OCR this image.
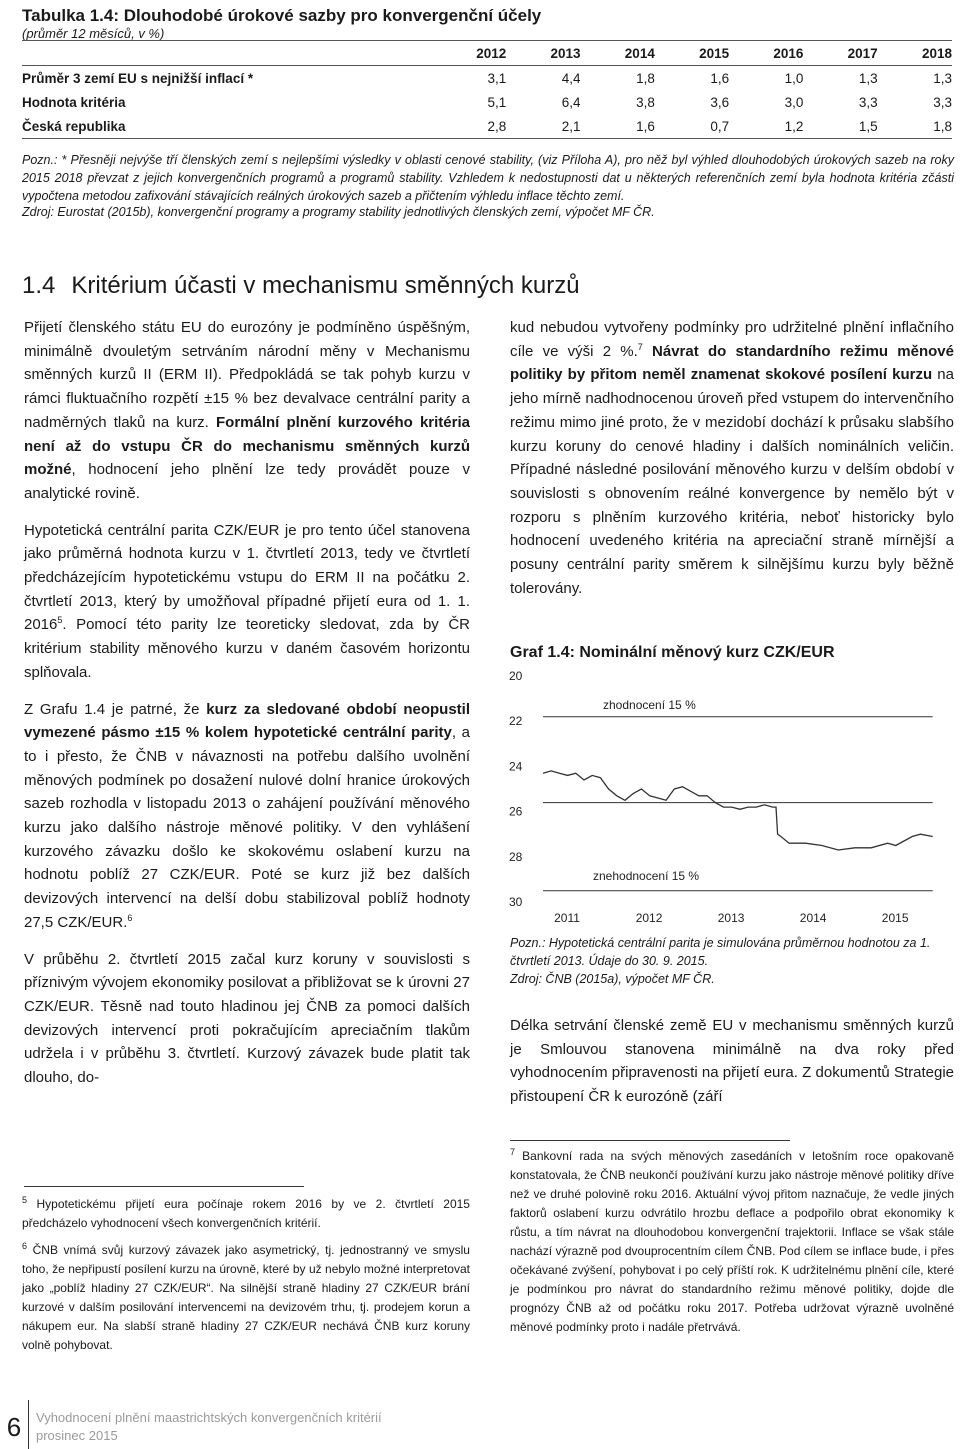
Tabulka 1.4: Dlouhodobé úrokové sazby pro konvergenční účely
(průměr 12 měsíců, v %)
	2012	2013	2014	2015	2016	2017	2018
Průměr 3 zemí EU s nejnižší inflací *	3,1	4,4	1,8	1,6	1,0	1,3	1,3
Hodnota kritéria	5,1	6,4	3,8	3,6	3,0	3,3	3,3
Česká republika	2,8	2,1	1,6	0,7	1,2	1,5	1,8
Pozn.: * Přesněji nejvýše tří členských zemí s nejlepšími výsledky v oblasti cenové stability, (viz Příloha A), pro něž byl výhled dlouhodobých úrokových sazeb na roky 2015 2018 převzat z jejich konvergenčních programů a programů stability. Vzhledem k nedostupnosti dat u některých referenčních zemí byla hodnota kritéria zčásti vypočtena metodou zafixování stávajících reálných úrokových sazeb a přičtením výhledu inflace těchto zemí.
Zdroj: Eurostat (2015b), konvergenční programy a programy stability jednotlivých členských zemí, výpočet MF ČR.
1.4 Kritérium účasti v mechanismu směnných kurzů

Přijetí členského státu EU do eurozóny je podmíněno úspěšným, minimálně dvouletým setrváním národní měny v Mechanismu směnných kurzů II (ERM II). Předpokládá se tak pohyb kurzu v rámci fluktuačního rozpětí ±15 % bez devalvace centrální parity a nadměrných tlaků na kurz. Formální plnění kurzového kritéria není až do vstupu ČR do mechanismu směnných kurzů možné, hodnocení jeho plnění lze tedy provádět pouze v analytické rovině.

Hypotetická centrální parita CZK/EUR je pro tento účel stanovena jako průměrná hodnota kurzu v 1. čtvrtletí 2013, tedy ve čtvrtletí předcházejícím hypotetickému vstupu do ERM II na počátku 2. čtvrtletí 2013, který by umožňoval případné přijetí eura od 1. 1. 2016$^5$. Pomocí této parity lze teoreticky sledovat, zda by ČR kritérium stability měnového kurzu v daném časovém horizontu splňovala.

Z Grafu 1.4 je patrné, že kurz za sledované období neopustil vymezené pásmo ±15 % kolem hypotetické centrální parity, a to i přesto, že ČNB v návaznosti na potřebu dalšího uvolnění měnových podmínek po dosažení nulové dolní hranice úrokových sazeb rozhodla v listopadu 2013 o zahájení používání měnového kurzu jako dalšího nástroje měnové politiky. V den vyhlášení kurzového závazku došlo ke skokovému oslabení kurzu na hodnotu poblíž 27 CZK/EUR. Poté se kurz již bez dalších devizových intervencí na delší dobu stabilizoval poblíž hodnoty 27,5 CZK/EUR.$^6$

V průběhu 2. čtvrtletí 2015 začal kurz koruny v souvislosti s příznivým vývojem ekonomiky posilovat a přibližovat se k úrovni 27 CZK/EUR. Těsně nad touto hladinou jej ČNB za pomoci dalších devizových intervencí proti pokračujícím apreciačním tlakům udržela i v průběhu 3. čtvrtletí. Kurzový závazek bude platit tak dlouho, do-

kud nebudou vytvořeny podmínky pro udržitelné plnění inflačního cíle ve výši 2 %.$^7$ Návrat do standardního režimu měnové politiky by přitom neměl znamenat skokové posílení kurzu na jeho mírně nadhodnocenou úroveň před vstupem do intervenčního režimu mimo jiné proto, že v mezidobí dochází k průsaku slabšího kurzu koruny do cenové hladiny i dalších nominálních veličin. Případné následné posilování měnového kurzu v delším období v souvislosti s obnovením reálné konvergence by nemělo být v rozporu s plněním kurzového kritéria, neboť historicky bylo hodnocení uvedeného kritéria na apreciační straně mírnější a posuny centrální parity směrem k silnějšímu kurzu byly běžně tolerovány.

Graf 1.4: Nominální měnový kurz CZK/EUR
20
22
24
26
28
30
2011	2012	2013	2014	2015
zhodnocení 15 %
znehodnocení 15 %
Pozn.: Hypotetická centrální parita je simulována průměrnou hodnotou za 1. čtvrtletí 2013. Údaje do 30. 9. 2015.
Zdroj: ČNB (2015a), výpočet MF ČR.

Délka setrvání členské země EU v mechanismu směnných kurzů je Smlouvou stanovena minimálně na dva roky před vyhodnocením připravenosti na přijetí eura. Z dokumentů Strategie přistoupení ČR k eurozóně (září

$^7$ Bankovní rada na svých měnových zasedáních v letošním roce opakovaně konstatovala, že ČNB neukončí používání kurzu jako nástroje měnové politiky dříve než ve druhé polovině roku 2016. Aktuální vývoj přitom naznačuje, že vedle jiných faktorů oslabení kurzu odvrátilo hrozbu deflace a podpořilo obrat ekonomiky k růstu, a tím návrat na dlouhodobou konvergenční trajektorii. Inflace se však stále nachází výrazně pod dvouprocentním cílem ČNB. Pod cílem se inflace bude, i přes očekávané zvýšení, pohybovat i po celý příští rok. K udržitelnému plnění cíle, které je podmínkou pro návrat do standardního režimu měnové politiky, dojde dle prognózy ČNB až od počátku roku 2017. Potřeba udržovat výrazně uvolněné měnové podmínky proto i nadále přetrvává.

$^5$ Hypotetickému přijetí eura počínaje rokem 2016 by ve 2. čtvrtletí 2015 předcházelo vyhodnocení všech konvergenčních kritérií.

$^6$ ČNB vnímá svůj kurzový závazek jako asymetrický, tj. jednostranný ve smyslu toho, že nepřipustí posílení kurzu na úrovně, které by už nebylo možné interpretovat jako „poblíž hladiny 27 CZK/EUR“. Na silnější straně hladiny 27 CZK/EUR brání kurzové v dalším posilování intervencemi na devizovém trhu, tj. prodejem korun a nákupem eur. Na slabší straně hladiny 27 CZK/EUR nechává ČNB kurz koruny volně pohybovat.

6	Vyhodnocení plnění maastrichtských konvergenčních kritérií
prosinec 2015
